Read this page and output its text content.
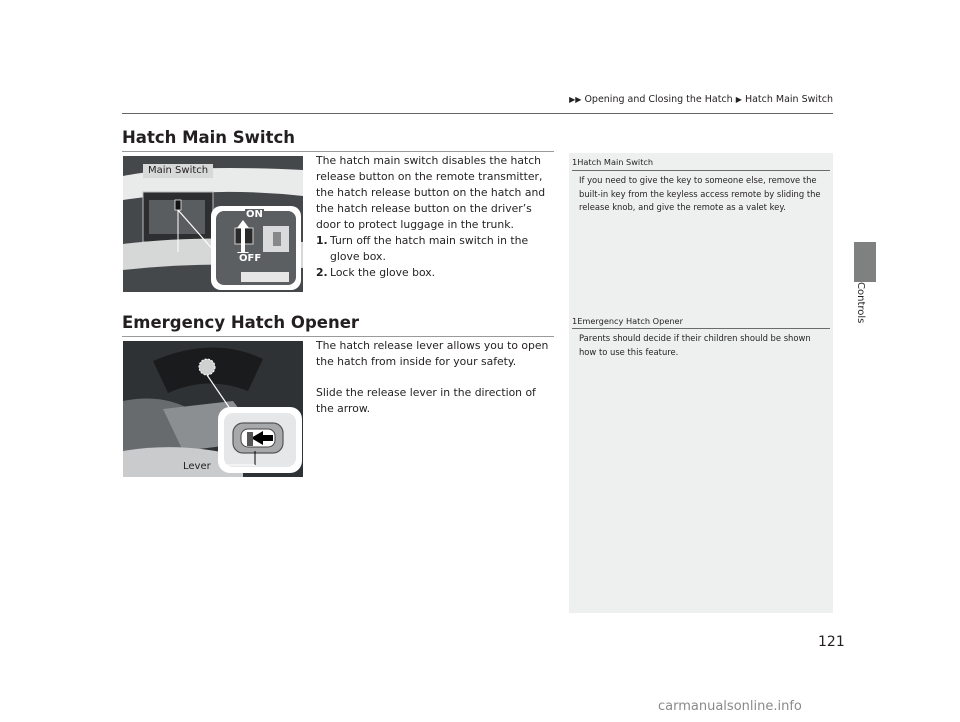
▶▶ Opening and Closing the Hatch ▶ Hatch Main Switch
Controls
Hatch Main Switch
Main Switch
ON
OFF

The hatch main switch disables the hatch release button on the remote transmitter, the hatch release button on the hatch and the hatch release button on the driver’s door to protect luggage in the trunk.

1. Turn off the hatch main switch in the glove box.
2. Lock the glove box.
1Hatch Main Switch
If you need to give the key to someone else, remove the built-in key from the keyless access remote by sliding the release knob, and give the remote as a valet key.
Emergency Hatch Opener
Lever

The hatch release lever allows you to open the hatch from inside for your safety.

Slide the release lever in the direction of the arrow.

1Emergency Hatch Opener
Parents should decide if their children should be shown how to use this feature.
121
carmanualsonline.info
